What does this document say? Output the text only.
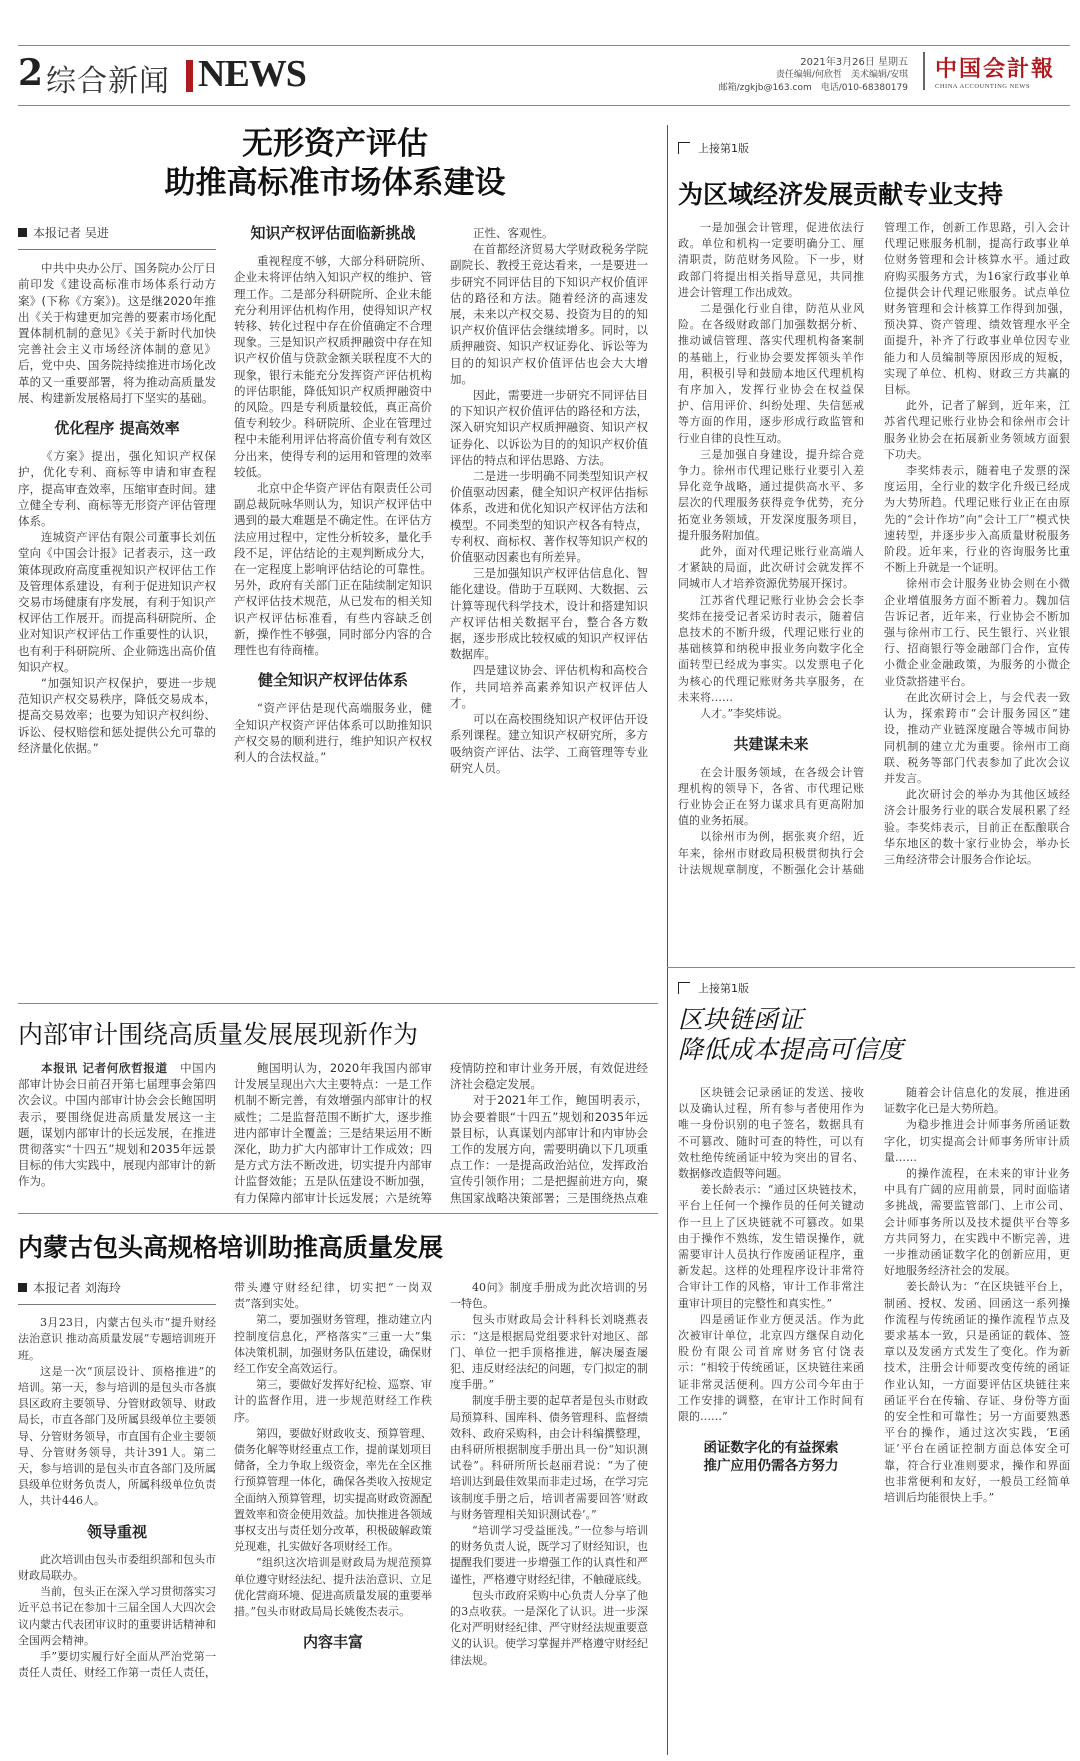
2 综合新闻 NEWS	2021年3月26日 星期五
责任编辑/何欣哲　美术编辑/安琪
邮箱/zgkjb@163.com　电话/010-68380179
中国会計報
CHINA ACCOUNTING NEWS
无形资产评估
助推高标准市场体系建设

本报记者 吴进

中共中央办公厅、国务院办公厅日前印发《建设高标准市场体系行动方案》(下称《方案》)。这是继2020年推出《关于构建更加完善的要素市场化配置体制机制的意见》《关于新时代加快完善社会主义市场经济体制的意见》后，党中央、国务院持续推进市场化改革的又一重要部署，将为推动高质量发展、构建新发展格局打下坚实的基础。

优化程序 提高效率

《方案》提出，强化知识产权保护，优化专利、商标等申请和审查程序，提高审查效率，压缩审查时间。建立健全专利、商标等无形资产评估管理体系。

连城资产评估有限公司董事长刘伍堂向《中国会计报》记者表示，这一政策体现政府高度重视知识产权评估工作及管理体系建设，有利于促进知识产权交易市场健康有序发展，有利于知识产权评估工作展开。而提高科研院所、企业对知识产权评估工作重要性的认识，也有利于科研院所、企业筛选出高价值知识产权。

“加强知识产权保护，要进一步规范知识产权交易秩序，降低交易成本，提高交易效率；也要为知识产权纠纷、诉讼、侵权赔偿和惩处提供公允可靠的经济量化依据。”

知识产权评估面临新挑战

重视程度不够，大部分科研院所、企业未将评估纳入知识产权的维护、管理工作。二是部分科研院所、企业未能充分利用评估机构作用，使得知识产权转移、转化过程中存在价值确定不合理现象。三是知识产权质押融资中存在知识产权价值与贷款金额关联程度不大的现象，银行未能充分发挥资产评估机构的评估职能，降低知识产权质押融资中的风险。四是专利质量较低，真正高价值专利较少。科研院所、企业在管理过程中未能利用评估将高价值专利有效区分出来，使得专利的运用和管理的效率较低。

北京中企华资产评估有限责任公司副总裁阮咏华则认为，知识产权评估中遇到的最大难题是不确定性。在评估方法应用过程中，定性分析较多，量化手段不足，评估结论的主观判断成分大，在一定程度上影响评估结论的可靠性。另外，政府有关部门正在陆续制定知识产权评估技术规范，从已发布的相关知识产权评估标准看，有些内容缺乏创新，操作性不够强，同时部分内容的合理性也有待商榷。

健全知识产权评估体系

“资产评估是现代高端服务业，健全知识产权资产评估体系可以助推知识产权交易的顺利进行，维护知识产权权利人的合法权益。”

正性、客观性。

在首都经济贸易大学财政税务学院副院长、教授王竞达看来，一是要进一步研究不同评估目的下知识产权价值评估的路径和方法。随着经济的高速发展，未来以产权交易、投资为目的的知识产权价值评估会继续增多。同时，以质押融资、知识产权证券化、诉讼等为目的的知识产权价值评估也会大大增加。

因此，需要进一步研究不同评估目的下知识产权价值评估的路径和方法，深入研究知识产权质押融资、知识产权证券化、以诉讼为目的的知识产权价值评估的特点和评估思路、方法。

二是进一步明确不同类型知识产权价值驱动因素，健全知识产权评估指标体系，改进和优化知识产权评估方法和模型。不同类型的知识产权各有特点，专利权、商标权、著作权等知识产权的价值驱动因素也有所差异。

三是加强知识产权评估信息化、智能化建设。借助于互联网、大数据、云计算等现代科学技术，设计和搭建知识产权评估相关数据平台，整合各方数据，逐步形成比较权威的知识产权评估数据库。

四是建议协会、评估机构和高校合作，共同培养高素养知识产权评估人才。

可以在高校围绕知识产权评估开设系列课程。建立知识产权研究所，多方吸纳资产评估、法学、工商管理等专业研究人员。

上接第1版
为区域经济发展贡献专业支持

一是加强会计管理，促进依法行政。单位和机构一定要明确分工、厘清职责，防范财务风险。下一步，财政部门将提出相关指导意见，共同推进会计管理工作出成效。

二是强化行业自律，防范从业风险。在各级财政部门加强数据分析、推动诚信管理、落实代理机构备案制的基础上，行业协会要发挥领头羊作用，积极引导和鼓励本地区代理机构有序加入，发挥行业协会在权益保护、信用评价、纠纷处理、失信惩戒等方面的作用，逐步形成行政监管和行业自律的良性互动。

三是加强自身建设，提升综合竞争力。徐州市代理记账行业要引入差异化竞争战略，通过提供高水平、多层次的代理服务获得竞争优势，充分拓宽业务领域，开发深度服务项目，提升服务附加值。

此外，面对代理记账行业高端人才紧缺的局面，此次研讨会就发挥不同城市人才培养资源优势展开探讨。

江苏省代理记账行业协会会长李奖炜在接受记者采访时表示，随着信息技术的不断升级，代理记账行业的基础核算和纳税申报业务向数字化全面转型已经成为事实。以发票电子化为核心的代理记账财务共享服务，在未来将……

人才。”李奖炜说。

共建谋未来

在会计服务领域，在各级会计管理机构的领导下，各省、市代理记账行业协会正在努力谋求具有更高附加值的业务拓展。

以徐州市为例，据张爽介绍，近年来，徐州市财政局积极贯彻执行会计法规规章制度，不断强化会计基础管理工作，创新工作思路，引入会计代理记账服务机制，提高行政事业单位财务管理和会计核算水平。通过政府购买服务方式，为16家行政事业单位提供会计代理记账服务。试点单位财务管理和会计核算工作得到加强，预决算、资产管理、绩效管理水平全面提升，补齐了行政事业单位因专业能力和人员编制等原因形成的短板，实现了单位、机构、财政三方共赢的目标。

此外，记者了解到，近年来，江苏省代理记账行业协会和徐州市会计服务业协会在拓展新业务领域方面狠下功夫。

李奖炜表示，随着电子发票的深度运用，全行业的数字化升级已经成为大势所趋。代理记账行业正在由原先的“会计作坊”向“会计工厂”模式快速转型，并逐步步入高质量财税服务阶段。近年来，行业的咨询服务比重不断上升就是一个证明。

徐州市会计服务业协会则在小微企业增值服务方面不断着力。魏加信告诉记者，近年来，行业协会不断加强与徐州市工行、民生银行、兴业银行、招商银行等金融部门合作，宣传小微企业金融政策，为服务的小微企业贷款搭建平台。

在此次研讨会上，与会代表一致认为，探索跨市“会计服务园区”建设，推动产业链深度融合等城市间协同机制的建立尤为重要。徐州市工商联、税务等部门代表参加了此次会议并发言。

此次研讨会的举办为其他区域经济会计服务行业的联合发展积累了经验。李奖炜表示，目前正在酝酿联合华东地区的数十家行业协会，举办长三角经济带会计服务合作论坛。

内部审计围绕高质量发展展现新作为

本报讯 记者何欣哲报道　 中国内部审计协会日前召开第七届理事会第四次会议。中国内部审计协会会长鲍国明表示，要围绕促进高质量发展这一主题，谋划内部审计的长远发展，在推进贯彻落实“十四五”规划和2035年远景目标的伟大实践中，展现内部审计的新作为。

鲍国明认为，2020年我国内部审计发展呈现出六大主要特点：一是工作机制不断完善，有效增强内部审计的权威性；二是监督范围不断扩大，逐步推进内部审计全覆盖；三是结果运用不断深化，助力扩大内部审计工作成效；四是方式方法不断改进，切实提升内部审计监督效能；五是队伍建设不断加强，有力保障内部审计长远发展；六是统筹疫情防控和审计业务开展，有效促进经济社会稳定发展。

对于2021年工作，鲍国明表示，协会要着眼“十四五”规划和2035年远景目标，认真谋划内部审计和内审协会工作的发展方向，需要明确以下几项重点工作：一是提高政治站位，发挥政治宣传引领作用；二是把握前进方向，聚焦国家战略决策部署；三是围绕热点难

内蒙古包头高规格培训助推高质量发展

本报记者 刘海玲

3月23日，内蒙古包头市“提升财经法治意识 推动高质量发展”专题培训班开班。

这是一次“顶层设计、顶格推进”的培训。第一天，参与培训的是包头市各旗县区政府主要领导、分管财政领导、财政局长，市直各部门及所属县级单位主要领导、分管财务领导，市直国有企业主要领导、分管财务领导，共计391人。第二天，参与培训的是包头市直各部门及所属县级单位财务负责人，所属科级单位负责人，共计446人。

领导重视

此次培训由包头市委组织部和包头市财政局联办。

当前，包头正在深入学习贯彻落实习近平总书记在参加十三届全国人大四次会议内蒙古代表团审议时的重要讲话精神和全国两会精神。

手”要切实履行好全面从严治党第一责任人责任、财经工作第一责任人责任，带头遵守财经纪律，切实把“一岗双责”落到实处。

第二，要加强财务管理，推动建立内控制度信息化，严格落实“三重一大”集体决策机制，加强财务队伍建设，确保财经工作安全高效运行。

第三，要做好发挥好纪检、巡察、审计的监督作用，进一步规范财经工作秩序。

第四，要做好财政收支、预算管理、债务化解等财经重点工作，提前谋划项目储备，全力争取上级资金，率先在全区推行预算管理一体化，确保各类收入按规定全面纳入预算管理，切实提高财政资源配置效率和资金使用效益。加快推进各领域事权支出与责任划分改革，积极破解政策兑现难，扎实做好各项财经工作。

“组织这次培训是财政局为规范预算单位遵守财经法纪、提升法治意识、立足优化营商环境、促进高质量发展的重要举措。”包头市财政局局长姚俊杰表示。

内容丰富

40问》制度手册成为此次培训的另一特色。

包头市财政局会计科科长刘晓燕表示：“这是根据局党组要求针对地区、部门、单位一把手顶格推进，解决屡查屡犯、违反财经法纪的问题，专门拟定的制度手册。”

制度手册主要的起草者是包头市财政局预算科、国库科、债务管理科、监督绩效科、政府采购科，由会计科编撰整理，由科研所根据制度手册出具一份“知识测试卷”。科研所所长赵丽君说：“为了使培训达到最佳效果而非走过场，在学习完该制度手册之后，培训者需要回答‘财政与财务管理相关知识测试卷’。”

“培训学习受益匪浅。”一位参与培训的财务负责人说，既学习了财经知识，也提醒我们要进一步增强工作的认真性和严谨性，严格遵守财经纪律，不触碰底线。

包头市政府采购中心负责人分享了他的3点收获。一是深化了认识。进一步深化对严明财经纪律、严守财经法规重要意义的认识。使学习掌握并严格遵守财经纪律法规。

上接第1版
区块链函证
降低成本提高可信度

区块链会记录函证的发送、接收以及确认过程，所有参与者使用作为唯一身份识别的电子签名，数据具有不可篡改、随时可查的特性，可以有效杜绝传统函证中较为突出的冒名、数据修改造假等问题。

姜长龄表示：“通过区块链技术，平台上任何一个操作员的任何关键动作一旦上了区块链就不可篡改。如果由于操作不熟练，发生错误操作，就需要审计人员执行作废函证程序，重新发起。这样的处理程序设计非常符合审计工作的风格，审计工作非常注重审计项目的完整性和真实性。”

四是函证作业方便灵活。作为此次被审计单位，北京四方继保自动化股份有限公司首席财务官付饶表示：“相较于传统函证，区块链往来函证非常灵活便利。四方公司今年由于工作安排的调整，在审计工作时间有限的……”

函证数字化的有益探索
推广应用仍需各方努力

随着会计信息化的发展，推进函证数字化已是大势所趋。

为稳步推进会计师事务所函证数字化，切实提高会计师事务所审计质量……

的操作流程，在未来的审计业务中具有广阔的应用前景，同时面临诸多挑战，需要监管部门、上市公司、会计师事务所以及技术提供平台等多方共同努力，在实践中不断完善，进一步推动函证数字化的创新应用，更好地服务经济社会的发展。

姜长龄认为：“在区块链平台上，制函、授权、发函、回函这一系列操作流程与传统函证的操作流程节点及要求基本一致，只是函证的载体、签章以及发函方式发生了变化。作为新技术，注册会计师要改变传统的函证作业认知，一方面要评估区块链往来函证平台在传输、存证、身份等方面的安全性和可靠性；另一方面要熟悉平台的操作，通过这次实践，‘E函证’平台在函证控制方面总体安全可靠，符合行业准则要求，操作和界面也非常便利和友好，一般员工经简单培训后均能很快上手。”
